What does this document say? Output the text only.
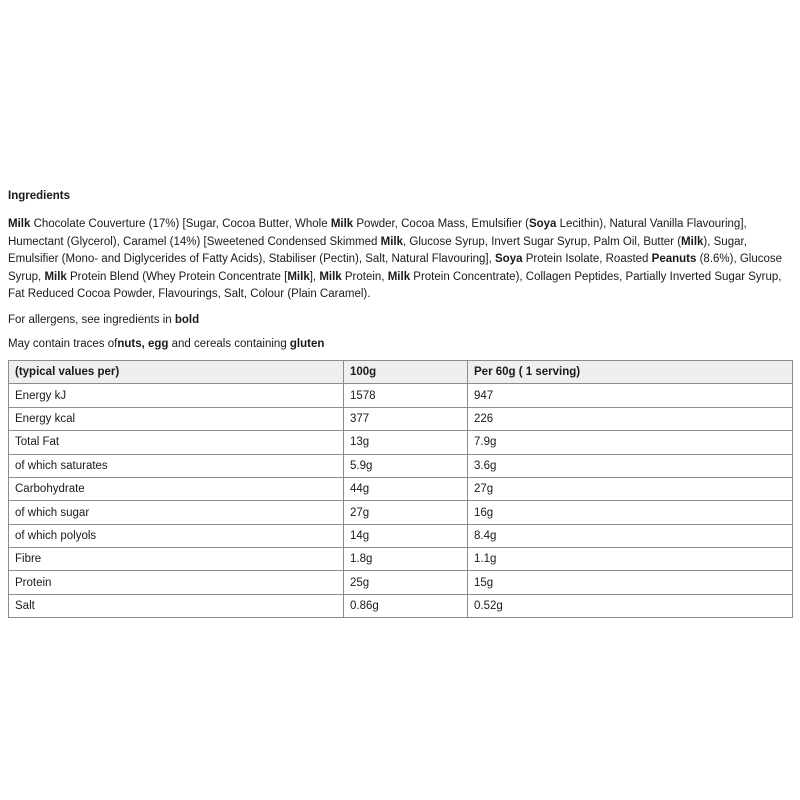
Ingredients
Milk Chocolate Couverture (17%) [Sugar, Cocoa Butter, Whole Milk Powder, Cocoa Mass, Emulsifier (Soya Lecithin), Natural Vanilla Flavouring], Humectant (Glycerol), Caramel (14%) [Sweetened Condensed Skimmed Milk, Glucose Syrup, Invert Sugar Syrup, Palm Oil, Butter (Milk), Sugar, Emulsifier (Mono- and Diglycerides of Fatty Acids), Stabiliser (Pectin), Salt, Natural Flavouring], Soya Protein Isolate, Roasted Peanuts (8.6%), Glucose Syrup, Milk Protein Blend (Whey Protein Concentrate [Milk], Milk Protein, Milk Protein Concentrate), Collagen Peptides, Partially Inverted Sugar Syrup, Fat Reduced Cocoa Powder, Flavourings, Salt, Colour (Plain Caramel).
For allergens, see ingredients in bold
May contain traces ofnuts, egg and cereals containing gluten
(typical values per)	100g	Per 60g ( 1 serving)
Energy kJ	1578	947
Energy kcal	377	226
Total Fat	13g	7.9g
of which saturates	5.9g	3.6g
Carbohydrate	44g	27g
of which sugar	27g	16g
of which polyols	14g	8.4g
Fibre	1.8g	1.1g
Protein	25g	15g
Salt	0.86g	0.52g
